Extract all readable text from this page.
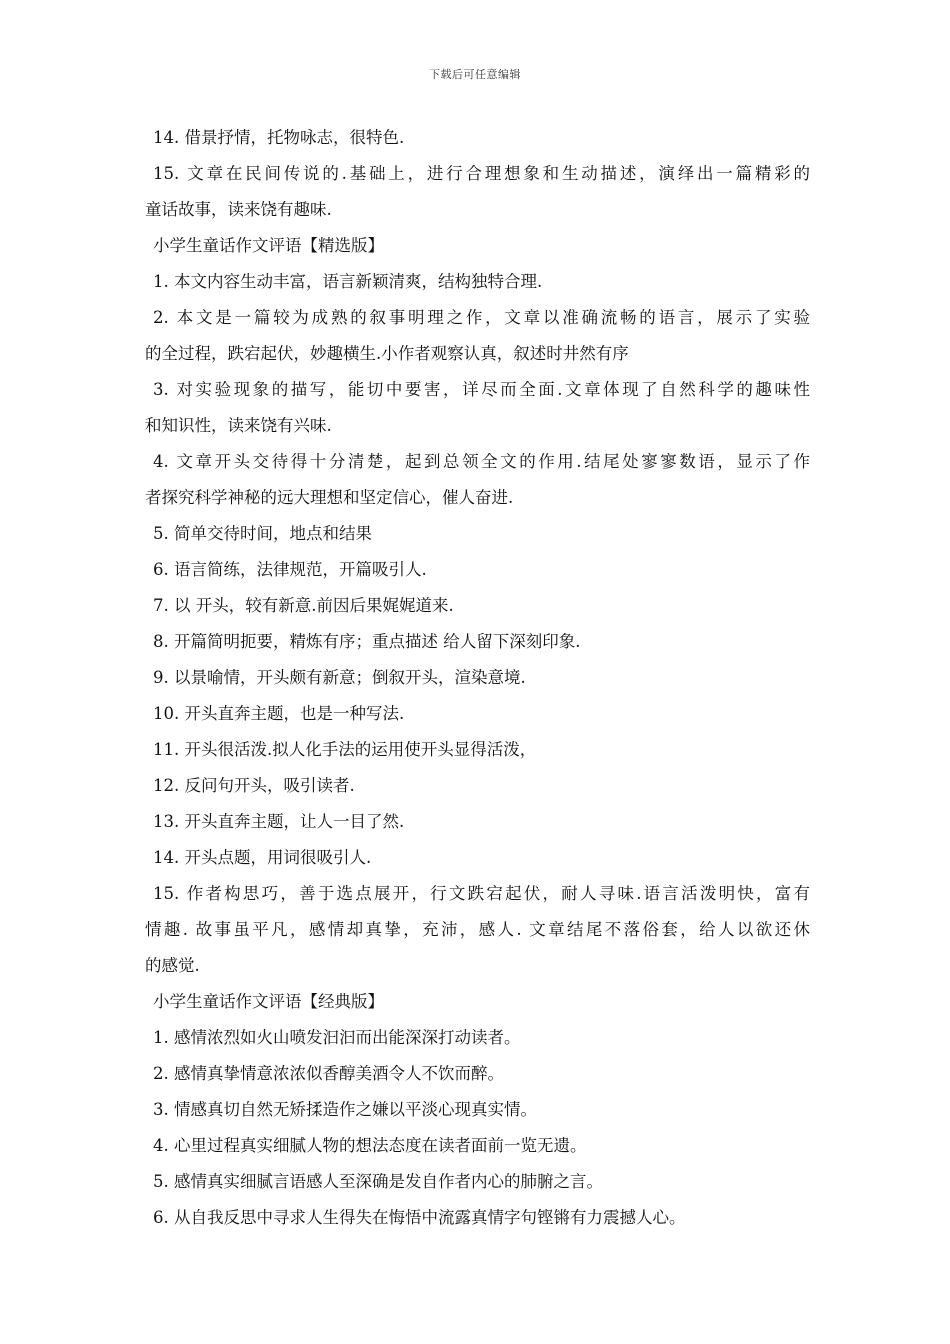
下载后可任意编辑
14. 借景抒情，托物咏志，很特色.
15. 文章在民间传说的.基础上，进行合理想象和生动描述，演绎出一篇精彩的
童话故事，读来饶有趣味.
小学生童话作文评语【精选版】
1. 本文内容生动丰富，语言新颖清爽，结构独特合理.
2. 本文是一篇较为成熟的叙事明理之作，文章以准确流畅的语言，展示了实验
的全过程，跌宕起伏，妙趣横生.小作者观察认真，叙述时井然有序
3. 对实验现象的描写，能切中要害，详尽而全面.文章体现了自然科学的趣味性
和知识性，读来饶有兴味.
4. 文章开头交待得十分清楚，起到总领全文的作用.结尾处寥寥数语，显示了作
者探究科学神秘的远大理想和坚定信心，催人奋进.
5. 简单交待时间，地点和结果
6. 语言简练，法律规范，开篇吸引人.
7. 以 开头，较有新意.前因后果娓娓道来.
8. 开篇简明扼要，精炼有序；重点描述 给人留下深刻印象.
9. 以景喻情，开头颇有新意；倒叙开头，渲染意境.
10. 开头直奔主题，也是一种写法.
11. 开头很活泼.拟人化手法的运用使开头显得活泼，
12. 反问句开头，吸引读者.
13. 开头直奔主题，让人一目了然.
14. 开头点题，用词很吸引人.
15. 作者构思巧，善于选点展开，行文跌宕起伏，耐人寻味.语言活泼明快，富有
情趣. 故事虽平凡，感情却真挚，充沛，感人. 文章结尾不落俗套，给人以欲还休
的感觉.
小学生童话作文评语【经典版】
1. 感情浓烈如火山喷发汩汩而出能深深打动读者。
2. 感情真挚情意浓浓似香醇美酒令人不饮而醉。
3. 情感真切自然无矫揉造作之嫌以平淡心现真实情。
4. 心里过程真实细腻人物的想法态度在读者面前一览无遗。
5. 感情真实细腻言语感人至深确是发自作者内心的肺腑之言。
6. 从自我反思中寻求人生得失在悔悟中流露真情字句铿锵有力震撼人心。
